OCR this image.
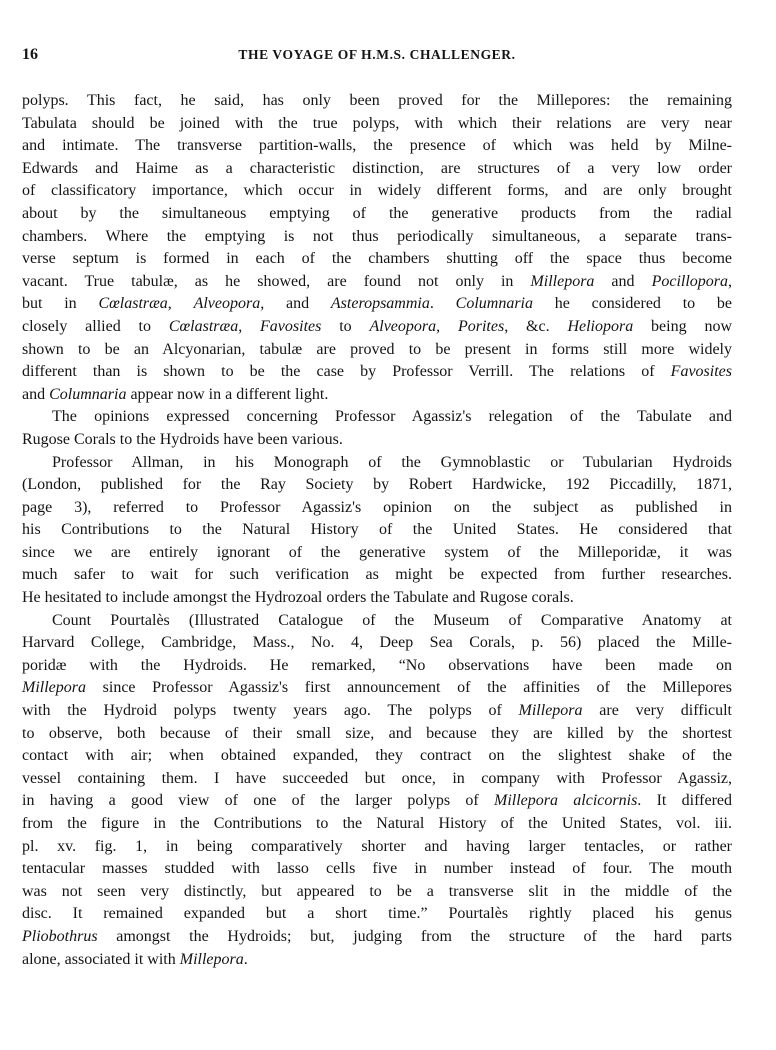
16	THE VOYAGE OF H.M.S. CHALLENGER.
polyps. This fact, he said, has only been proved for the Millepores: the remaining
Tabulata should be joined with the true polyps, with which their relations are very near
and intimate. The transverse partition-walls, the presence of which was held by Milne-
Edwards and Haime as a characteristic distinction, are structures of a very low order
of classificatory importance, which occur in widely different forms, and are only brought
about by the simultaneous emptying of the generative products from the radial
chambers. Where the emptying is not thus periodically simultaneous, a separate trans-
verse septum is formed in each of the chambers shutting off the space thus become
vacant. True tabulæ, as he showed, are found not only in Millepora and Pocillopora,
but in Cœlastræa, Alveopora, and Asteropsammia. Columnaria he considered to be
closely allied to Cœlastræa, Favosites to Alveopora, Porites, &c. Heliopora being now
shown to be an Alcyonarian, tabulæ are proved to be present in forms still more widely
different than is shown to be the case by Professor Verrill. The relations of Favosites
and Columnaria appear now in a different light.
The opinions expressed concerning Professor Agassiz's relegation of the Tabulate and
Rugose Corals to the Hydroids have been various.
Professor Allman, in his Monograph of the Gymnoblastic or Tubularian Hydroids
(London, published for the Ray Society by Robert Hardwicke, 192 Piccadilly, 1871,
page 3), referred to Professor Agassiz's opinion on the subject as published in
his Contributions to the Natural History of the United States. He considered that
since we are entirely ignorant of the generative system of the Milleporidæ, it was
much safer to wait for such verification as might be expected from further researches.
He hesitated to include amongst the Hydrozoal orders the Tabulate and Rugose corals.
Count Pourtalès (Illustrated Catalogue of the Museum of Comparative Anatomy at
Harvard College, Cambridge, Mass., No. 4, Deep Sea Corals, p. 56) placed the Mille-
poridæ with the Hydroids. He remarked, “No observations have been made on
Millepora since Professor Agassiz's first announcement of the affinities of the Millepores
with the Hydroid polyps twenty years ago. The polyps of Millepora are very difficult
to observe, both because of their small size, and because they are killed by the shortest
contact with air; when obtained expanded, they contract on the slightest shake of the
vessel containing them. I have succeeded but once, in company with Professor Agassiz,
in having a good view of one of the larger polyps of Millepora alcicornis. It differed
from the figure in the Contributions to the Natural History of the United States, vol. iii.
pl. xv. fig. 1, in being comparatively shorter and having larger tentacles, or rather
tentacular masses studded with lasso cells five in number instead of four. The mouth
was not seen very distinctly, but appeared to be a transverse slit in the middle of the
disc. It remained expanded but a short time.” Pourtalès rightly placed his genus
Pliobothrus amongst the Hydroids; but, judging from the structure of the hard parts
alone, associated it with Millepora.
